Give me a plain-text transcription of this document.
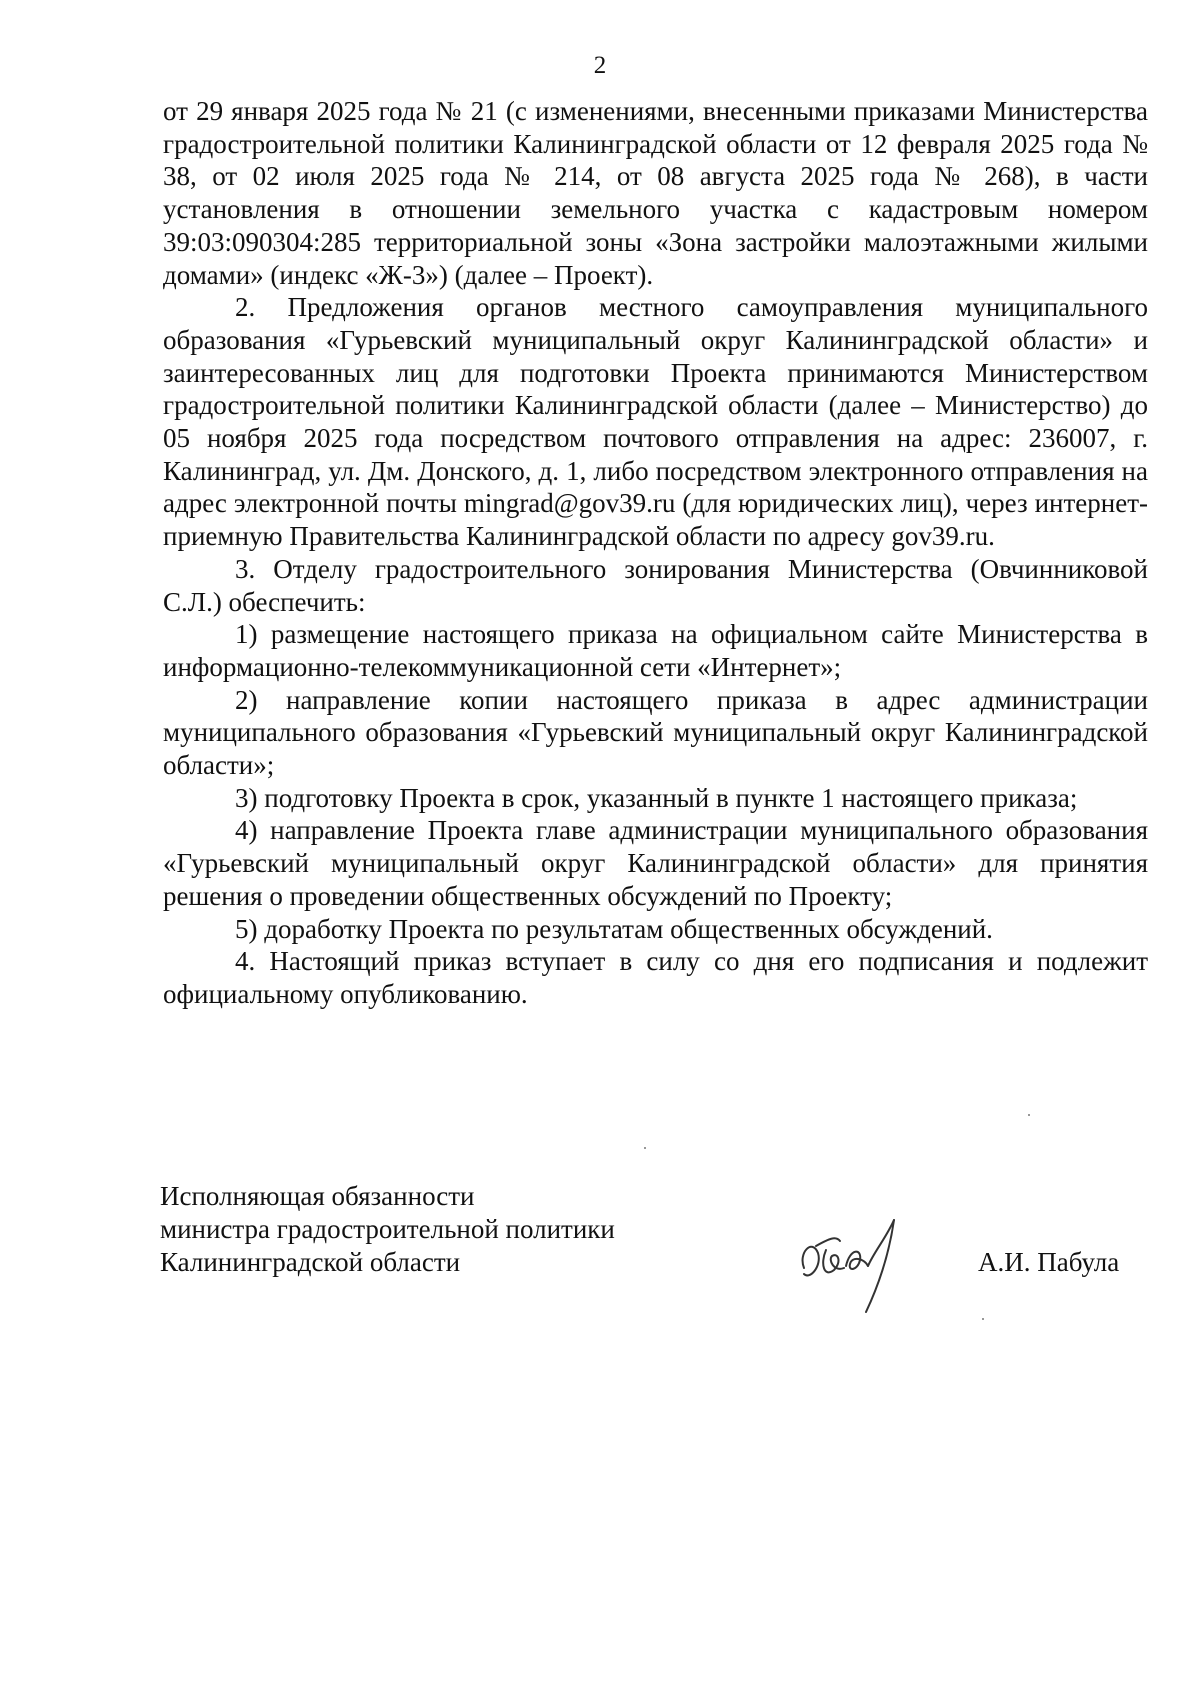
2

от 29 января 2025 года № 21 (с изменениями, внесенными приказами Министерства градостроительной политики Калининградской области от 12 февраля 2025 года № 38, от 02 июля 2025 года № 214, от 08 августа 2025 года № 268), в части установления в отношении земельного участка с кадастровым номером 39:03:090304:285 территориальной зоны «Зона застройки малоэтажными жилыми домами» (индекс «Ж-3») (далее – Проект).

2. Предложения органов местного самоуправления муниципального образования «Гурьевский муниципальный округ Калининградской области» и заинтересованных лиц для подготовки Проекта принимаются Министерством градостроительной политики Калининградской области (далее – Министерство) до 05 ноября 2025 года посредством почтового отправления на адрес: 236007, г. Калининград, ул. Дм. Донского, д. 1, либо посредством электронного отправления на адрес электронной почты mingrad@gov39.ru (для юридических лиц), через интернет-приемную Правительства Калининградской области по адресу gov39.ru.

3. Отделу градостроительного зонирования Министерства (Овчинниковой С.Л.) обеспечить:

1) размещение настоящего приказа на официальном сайте Министерства в информационно-телекоммуникационной сети «Интернет»;

2) направление копии настоящего приказа в адрес администрации муниципального образования «Гурьевский муниципальный округ Калининградской области»;

3) подготовку Проекта в срок, указанный в пункте 1 настоящего приказа;

4) направление Проекта главе администрации муниципального образования «Гурьевский муниципальный округ Калининградской области» для принятия решения о проведении общественных обсуждений по Проекту;

5) доработку Проекта по результатам общественных обсуждений.

4. Настоящий приказ вступает в силу со дня его подписания и подлежит официальному опубликованию.

Исполняющая обязанности
министра градостроительной политики
Калининградской области	А.И. Пабула
